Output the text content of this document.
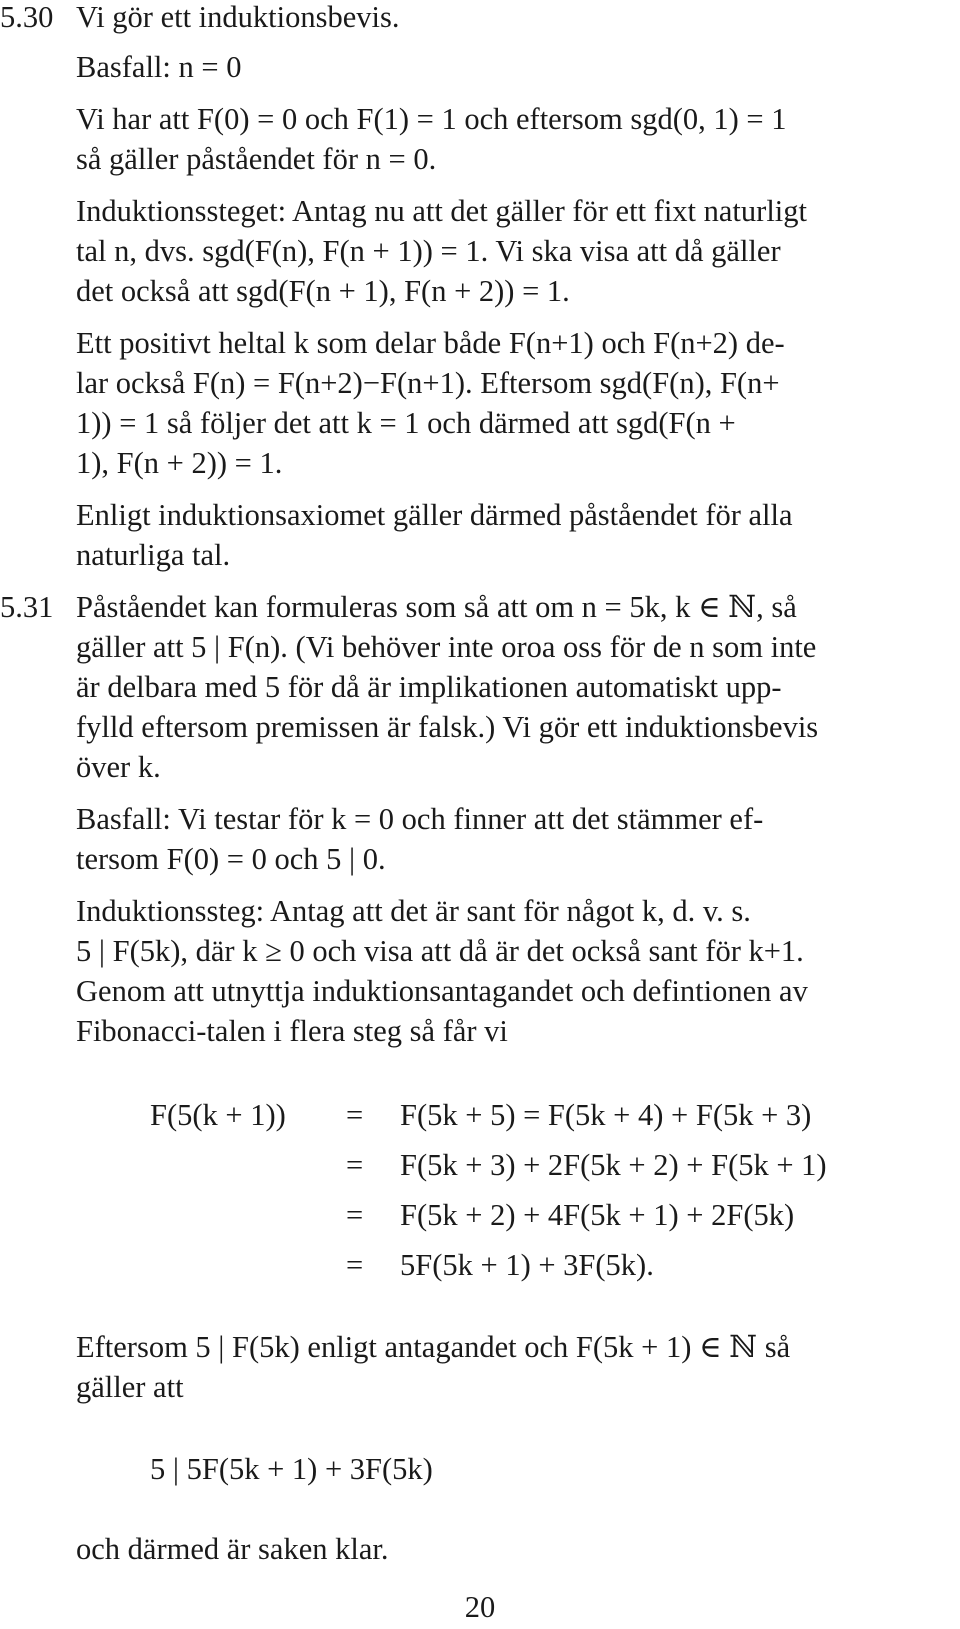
5.30 Vi gör ett induktionsbevis.
Basfall: n = 0
Vi har att F(0) = 0 och F(1) = 1 och eftersom sgd(0, 1) = 1
så gäller påståendet för n = 0.
Induktionssteget: Antag nu att det gäller för ett fixt naturligt
tal n, dvs. sgd(F(n), F(n + 1)) = 1. Vi ska visa att då gäller
det också att sgd(F(n + 1), F(n + 2)) = 1.
Ett positivt heltal k som delar både F(n+1) och F(n+2) de-
lar också F(n) = F(n+2)−F(n+1). Eftersom sgd(F(n), F(n+
1)) = 1 så följer det att k = 1 och därmed att sgd(F(n +
1), F(n + 2)) = 1.
Enligt induktionsaxiomet gäller därmed påståendet för alla
naturliga tal.
5.31 Påståendet kan formuleras som så att om n = 5k, k ∈ ℕ, så
gäller att 5 | F(n). (Vi behöver inte oroa oss för de n som inte
är delbara med 5 för då är implikationen automatiskt upp-
fylld eftersom premissen är falsk.) Vi gör ett induktionsbevis
över k.
Basfall: Vi testar för k = 0 och finner att det stämmer ef-
tersom F(0) = 0 och 5 | 0.
Induktionssteg: Antag att det är sant för något k, d. v. s.
5 | F(5k), där k ≥ 0 och visa att då är det också sant för k+1.
Genom att utnyttja induktionsantagandet och defintionen av
Fibonacci-talen i flera steg så får vi
F(5(k + 1)) = F(5k + 5) = F(5k + 4) + F(5k + 3)
= F(5k + 3) + 2F(5k + 2) + F(5k + 1)
= F(5k + 2) + 4F(5k + 1) + 2F(5k)
= 5F(5k + 1) + 3F(5k).
Eftersom 5 | F(5k) enligt antagandet och F(5k + 1) ∈ ℕ så
gäller att
5 | 5F(5k + 1) + 3F(5k)
och därmed är saken klar.
20
